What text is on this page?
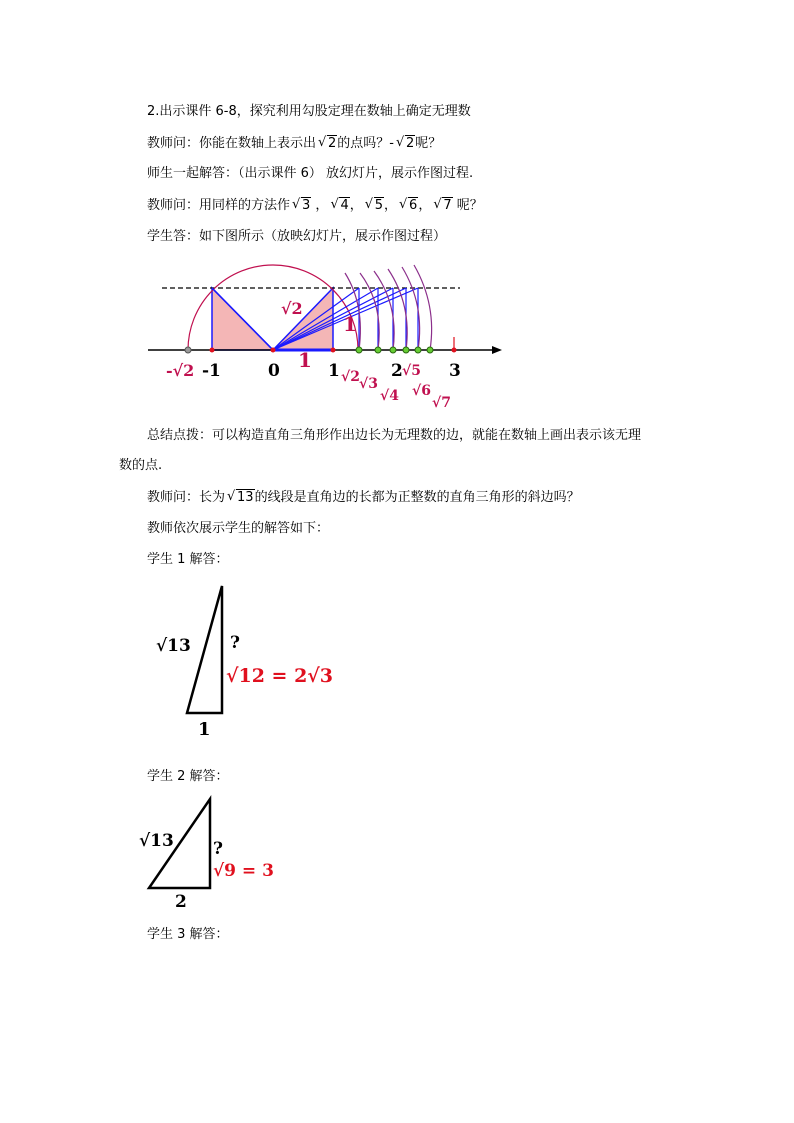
2.出示课件 6-8，探究利用勾股定理在数轴上确定无理数
教师问：你能在数轴上表示出 √ 2的点吗？- √ 2呢？
师生一起解答：（出示课件 6） 放幻灯片，展示作图过程.
教师问：用同样的方法作 √ 3 ， √ 4， √ 5， √ 6， √ 7 呢？
学生答：如下图所示（放映幻灯片，展示作图过程）
-√2 -1	0	1	2	3
√2
1
1
√2 √3
√4
√5
√6
√7
总结点拨：可以构造直角三角形作出边长为无理数的边，就能在数轴上画出表示该无理
数的点.
教师问：长为 √ 13的线段是直角边的长都为正整数的直角三角形的斜边吗？
教师依次展示学生的解答如下：
学生 1 解答：
√13 ?
√12 = 2√3
1
学生 2 解答：
√13 ?
√9 = 3
2
学生 3 解答：
